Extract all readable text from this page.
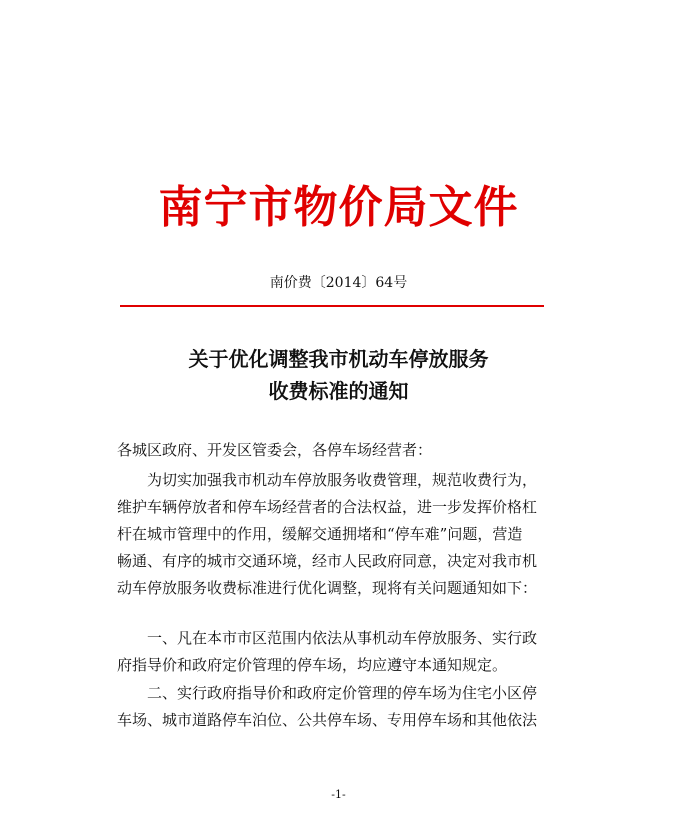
南宁市物价局文件
南价费〔2014〕64号
关于优化调整我市机动车停放服务
收费标准的通知
各城区政府、开发区管委会，各停车场经营者：
为切实加强我市机动车停放服务收费管理，规范收费行为，
维护车辆停放者和停车场经营者的合法权益，进一步发挥价格杠
杆在城市管理中的作用，缓解交通拥堵和“停车难”问题，营造
畅通、有序的城市交通环境，经市人民政府同意，决定对我市机
动车停放服务收费标准进行优化调整，现将有关问题通知如下：
一、凡在本市市区范围内依法从事机动车停放服务、实行政
府指导价和政府定价管理的停车场，均应遵守本通知规定。
二、实行政府指导价和政府定价管理的停车场为住宅小区停
车场、城市道路停车泊位、公共停车场、专用停车场和其他依法
-1-
